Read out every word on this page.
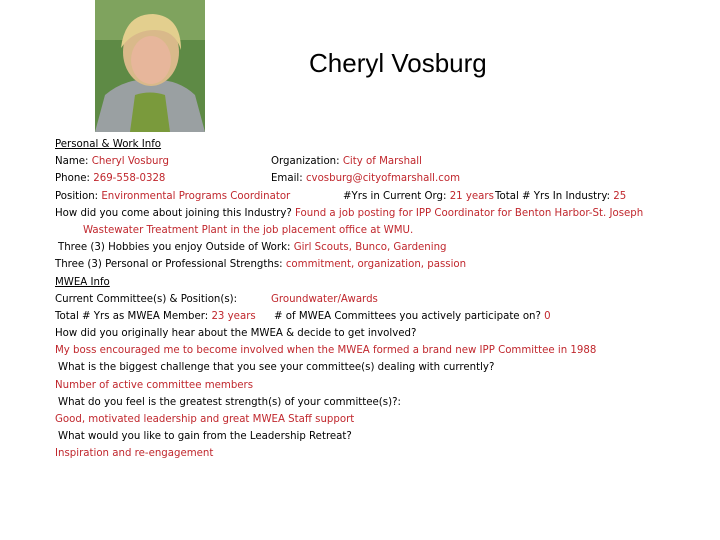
Cheryl Vosburg
Personal & Work Info
Name: Cheryl Vosburg	Organization: City of Marshall
Phone: 269-558-0328	Email: cvosburg@cityofmarshall.com
Position: Environmental Programs Coordinator	#Yrs in Current Org: 21 years Total # Yrs In Industry: 25
How did you come about joining this Industry? Found a job posting for IPP Coordinator for Benton Harbor-St. Joseph
Wastewater Treatment Plant in the job placement office at WMU.
Three (3) Hobbies you enjoy Outside of Work: Girl Scouts, Bunco, Gardening
Three (3) Personal or Professional Strengths: commitment, organization, passion
MWEA Info
Current Committee(s) & Position(s):	Groundwater/Awards
Total # Yrs as MWEA Member: 23 years # of MWEA Committees you actively participate on? 0
How did you originally hear about the MWEA & decide to get involved?
My boss encouraged me to become involved when the MWEA formed a brand new IPP Committee in 1988
What is the biggest challenge that you see your committee(s) dealing with currently?
Number of active committee members
What do you feel is the greatest strength(s) of your committee(s)?:
Good, motivated leadership and great MWEA Staff support
What would you like to gain from the Leadership Retreat?
Inspiration and re-engagement
